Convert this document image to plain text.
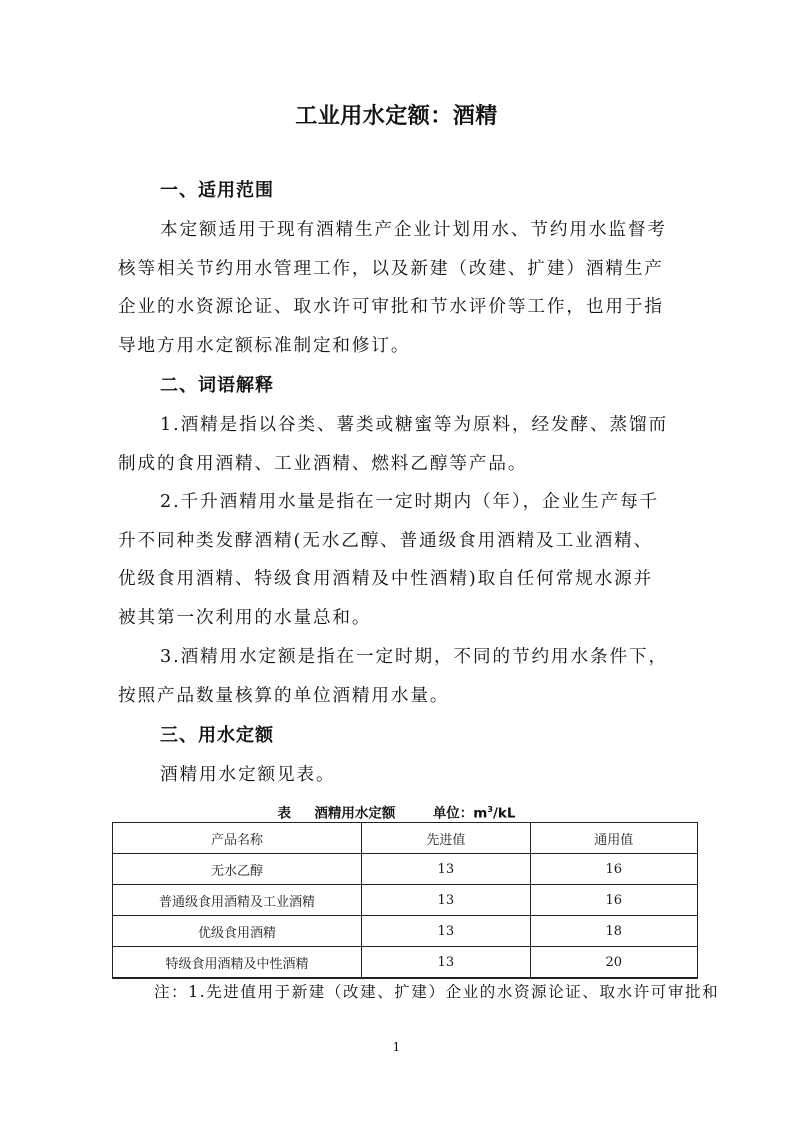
工业用水定额：酒精
一、适用范围
本定额适用于现有酒精生产企业计划用水、节约用水监督考
核等相关节约用水管理工作，以及新建（改建、扩建）酒精生产
企业的水资源论证、取水许可审批和节水评价等工作，也用于指
导地方用水定额标准制定和修订。
二、词语解释
1.酒精是指以谷类、薯类或糖蜜等为原料，经发酵、蒸馏而
制成的食用酒精、工业酒精、燃料乙醇等产品。
2.千升酒精用水量是指在一定时期内（年），企业生产每千
升不同种类发酵酒精(无水乙醇、普通级食用酒精及工业酒精、
优级食用酒精、特级食用酒精及中性酒精)取自任何常规水源并
被其第一次利用的水量总和。
3.酒精用水定额是指在一定时期，不同的节约用水条件下，
按照产品数量核算的单位酒精用水量。
三、用水定额
酒精用水定额见表。
表 酒精用水定额	单位：$m^3/kL$
产品名称	先进值	通用值
无水乙醇	13	16
普通级食用酒精及工业酒精	13	16
优级食用酒精	13	18
特级食用酒精及中性酒精	13	20
注：1.先进值用于新建（改建、扩建）企业的水资源论证、取水许可审批和
1
